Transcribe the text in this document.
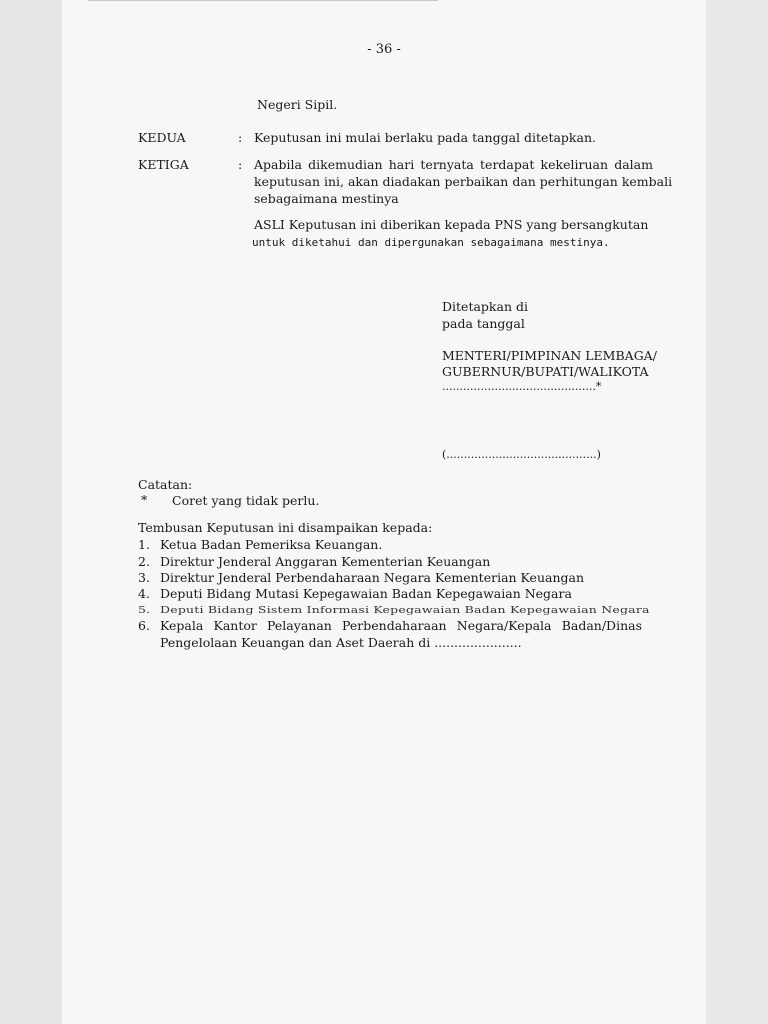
- 36 -
Negeri Sipil.
KEDUA	: Keputusan ini mulai berlaku pada tanggal ditetapkan.
KETIGA	: Apabila dikemudian hari ternyata terdapat kekeliruan dalam
keputusan ini, akan diadakan perbaikan dan perhitungan kembali
sebagaimana mestinya
ASLI Keputusan ini diberikan kepada PNS yang bersangkutan
untuk diketahui dan dipergunakan sebagaimana mestinya.
Ditetapkan di
pada tanggal
MENTERI/PIMPINAN LEMBAGA/
GUBERNUR/BUPATI/WALIKOTA
............................................*
(...........................................)
Catatan:
* Coret yang tidak perlu.
Tembusan Keputusan ini disampaikan kepada:
1. Ketua Badan Pemeriksa Keuangan.
2. Direktur Jenderal Anggaran Kementerian Keuangan
3. Direktur Jenderal Perbendaharaan Negara Kementerian Keuangan
4. Deputi Bidang Mutasi Kepegawaian Badan Kepegawaian Negara
5. Deputi Bidang Sistem Informasi Kepegawaian Badan Kepegawaian Negara
6. Kepala Kantor Pelayanan Perbendaharaan Negara/Kepala Badan/Dinas
Pengelolaan Keuangan dan Aset Daerah di ......................
